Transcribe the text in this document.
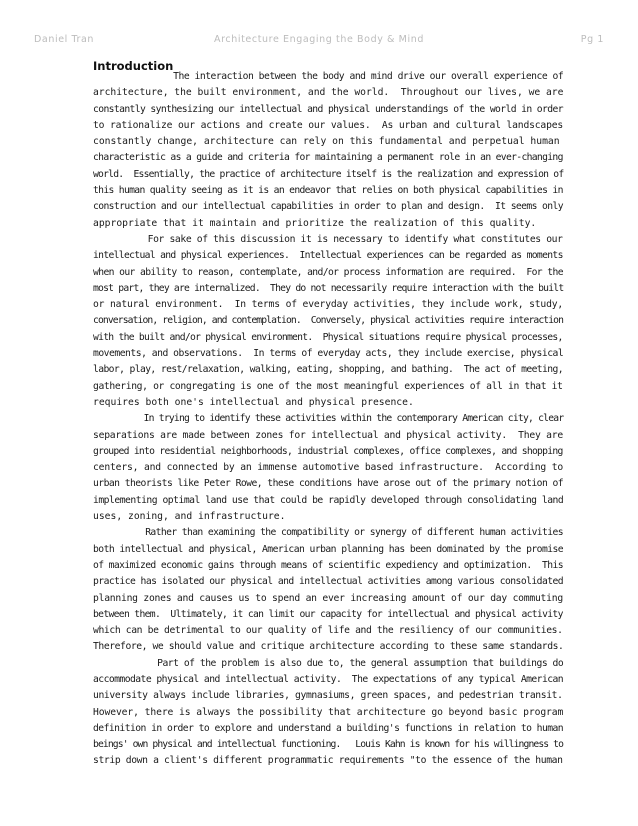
Daniel Tran	Architecture Engaging the Body & Mind	Pg 1
Introduction
The interaction between the body and mind drive our overall experience of
architecture, the built environment, and the world.  Throughout our lives, we are
constantly synthesizing our intellectual and physical understandings of the world in order
to rationalize our actions and create our values.  As urban and cultural landscapes
constantly change, architecture can rely on this fundamental and perpetual human
characteristic as a guide and criteria for maintaining a permanent role in an ever-changing
world.  Essentially, the practice of architecture itself is the realization and expression of
this human quality seeing as it is an endeavor that relies on both physical capabilities in
construction and our intellectual capabilities in order to plan and design.  It seems only
appropriate that it maintain and prioritize the realization of this quality.
For sake of this discussion it is necessary to identify what constitutes our
intellectual and physical experiences.  Intellectual experiences can be regarded as moments
when our ability to reason, contemplate, and/or process information are required.  For the
most part, they are internalized.  They do not necessarily require interaction with the built
or natural environment.  In terms of everyday activities, they include work, study,
conversation, religion, and contemplation.  Conversely, physical activities require interaction
with the built and/or physical environment.  Physical situations require physical processes,
movements, and observations.  In terms of everyday acts, they include exercise, physical
labor, play, rest/relaxation, walking, eating, shopping, and bathing.  The act of meeting,
gathering, or congregating is one of the most meaningful experiences of all in that it
requires both one's intellectual and physical presence.
In trying to identify these activities within the contemporary American city, clear
separations are made between zones for intellectual and physical activity.  They are
grouped into residential neighborhoods, industrial complexes, office complexes, and shopping
centers, and connected by an immense automotive based infrastructure.  According to
urban theorists like Peter Rowe, these conditions have arose out of the primary notion of
implementing optimal land use that could be rapidly developed through consolidating land
uses, zoning, and infrastructure.
Rather than examining the compatibility or synergy of different human activities
both intellectual and physical, American urban planning has been dominated by the promise
of maximized economic gains through means of scientific expediency and optimization.  This
practice has isolated our physical and intellectual activities among various consolidated
planning zones and causes us to spend an ever increasing amount of our day commuting
between them.  Ultimately, it can limit our capacity for intellectual and physical activity
which can be detrimental to our quality of life and the resiliency of our communities.
Therefore, we should value and critique architecture according to these same standards.
Part of the problem is also due to, the general assumption that buildings do
accommodate physical and intellectual activity.  The expectations of any typical American
university always include libraries, gymnasiums, green spaces, and pedestrian transit.
However, there is always the possibility that architecture go beyond basic program
definition in order to explore and understand a building's functions in relation to human
beings' own physical and intellectual functioning.   Louis Kahn is known for his willingness to
strip down a client's different programmatic requirements "to the essence of the human
